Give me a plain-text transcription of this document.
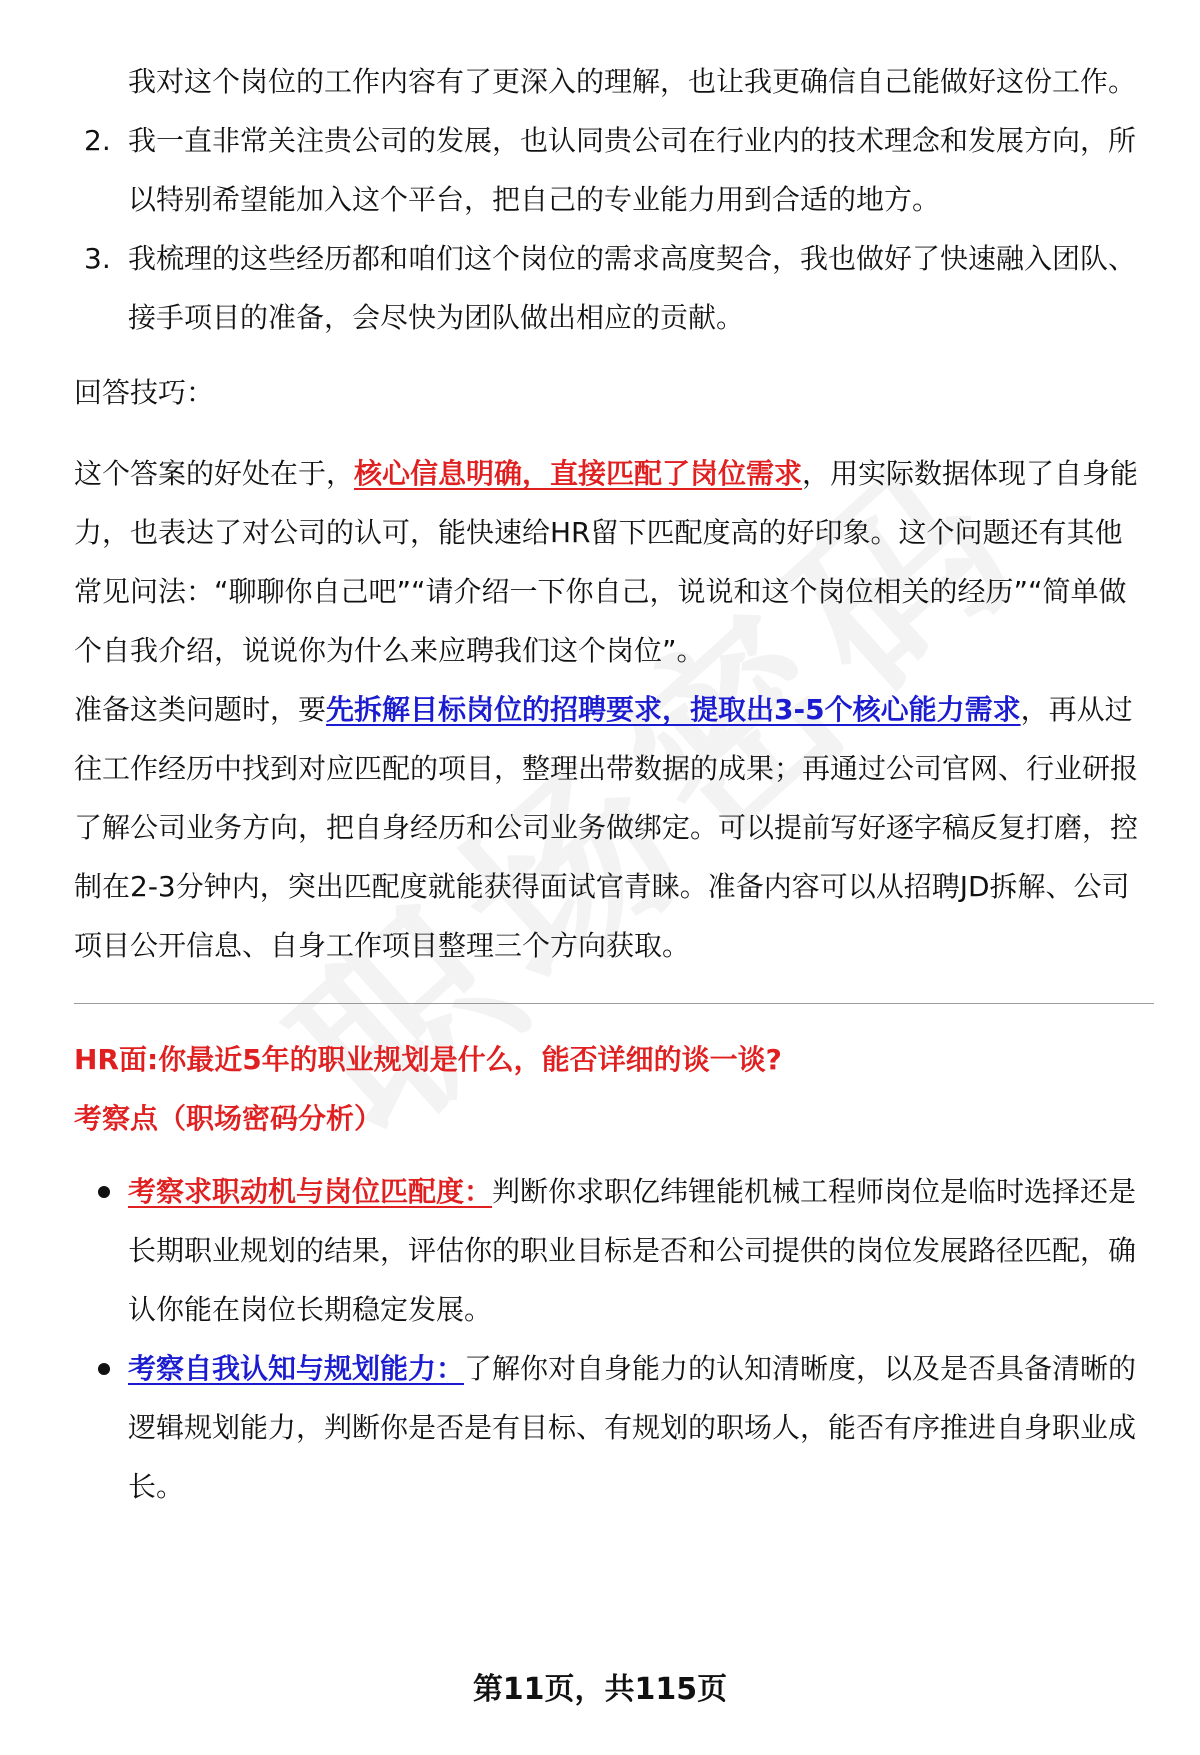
我对这个岗位的工作内容有了更深入的理解，也让我更确信自己能做好这份工作。
2. 我一直非常关注贵公司的发展，也认同贵公司在行业内的技术理念和发展方向，所以特别希望能加入这个平台，把自己的专业能力用到合适的地方。
3. 我梳理的这些经历都和咱们这个岗位的需求高度契合，我也做好了快速融入团队、接手项目的准备，会尽快为团队做出相应的贡献。

回答技巧：

这个答案的好处在于，核心信息明确，直接匹配了岗位需求，用实际数据体现了自身能力，也表达了对公司的认可，能快速给HR留下匹配度高的好印象。这个问题还有其他常见问法：“聊聊你自己吧”“请介绍一下你自己，说说和这个岗位相关的经历”“简单做个自我介绍，说说你为什么来应聘我们这个岗位”。

准备这类问题时，要先拆解目标岗位的招聘要求，提取出3-5个核心能力需求，再从过往工作经历中找到对应匹配的项目，整理出带数据的成果；再通过公司官网、行业研报了解公司业务方向，把自身经历和公司业务做绑定。可以提前写好逐字稿反复打磨，控制在2-3分钟内，突出匹配度就能获得面试官青睐。准备内容可以从招聘JD拆解、公司项目公开信息、自身工作项目整理三个方向获取。

HR面:你最近5年的职业规划是什么，能否详细的谈一谈?
考察点（职场密码分析）
考察求职动机与岗位匹配度：判断你求职亿纬锂能机械工程师岗位是临时选择还是长期职业规划的结果，评估你的职业目标是否和公司提供的岗位发展路径匹配，确认你能在岗位长期稳定发展。
考察自我认知与规划能力：了解你对自身能力的认知清晰度，以及是否具备清晰的逻辑规划能力，判断你是否是有目标、有规划的职场人，能否有序推进自身职业成长。
第11页，共115页
